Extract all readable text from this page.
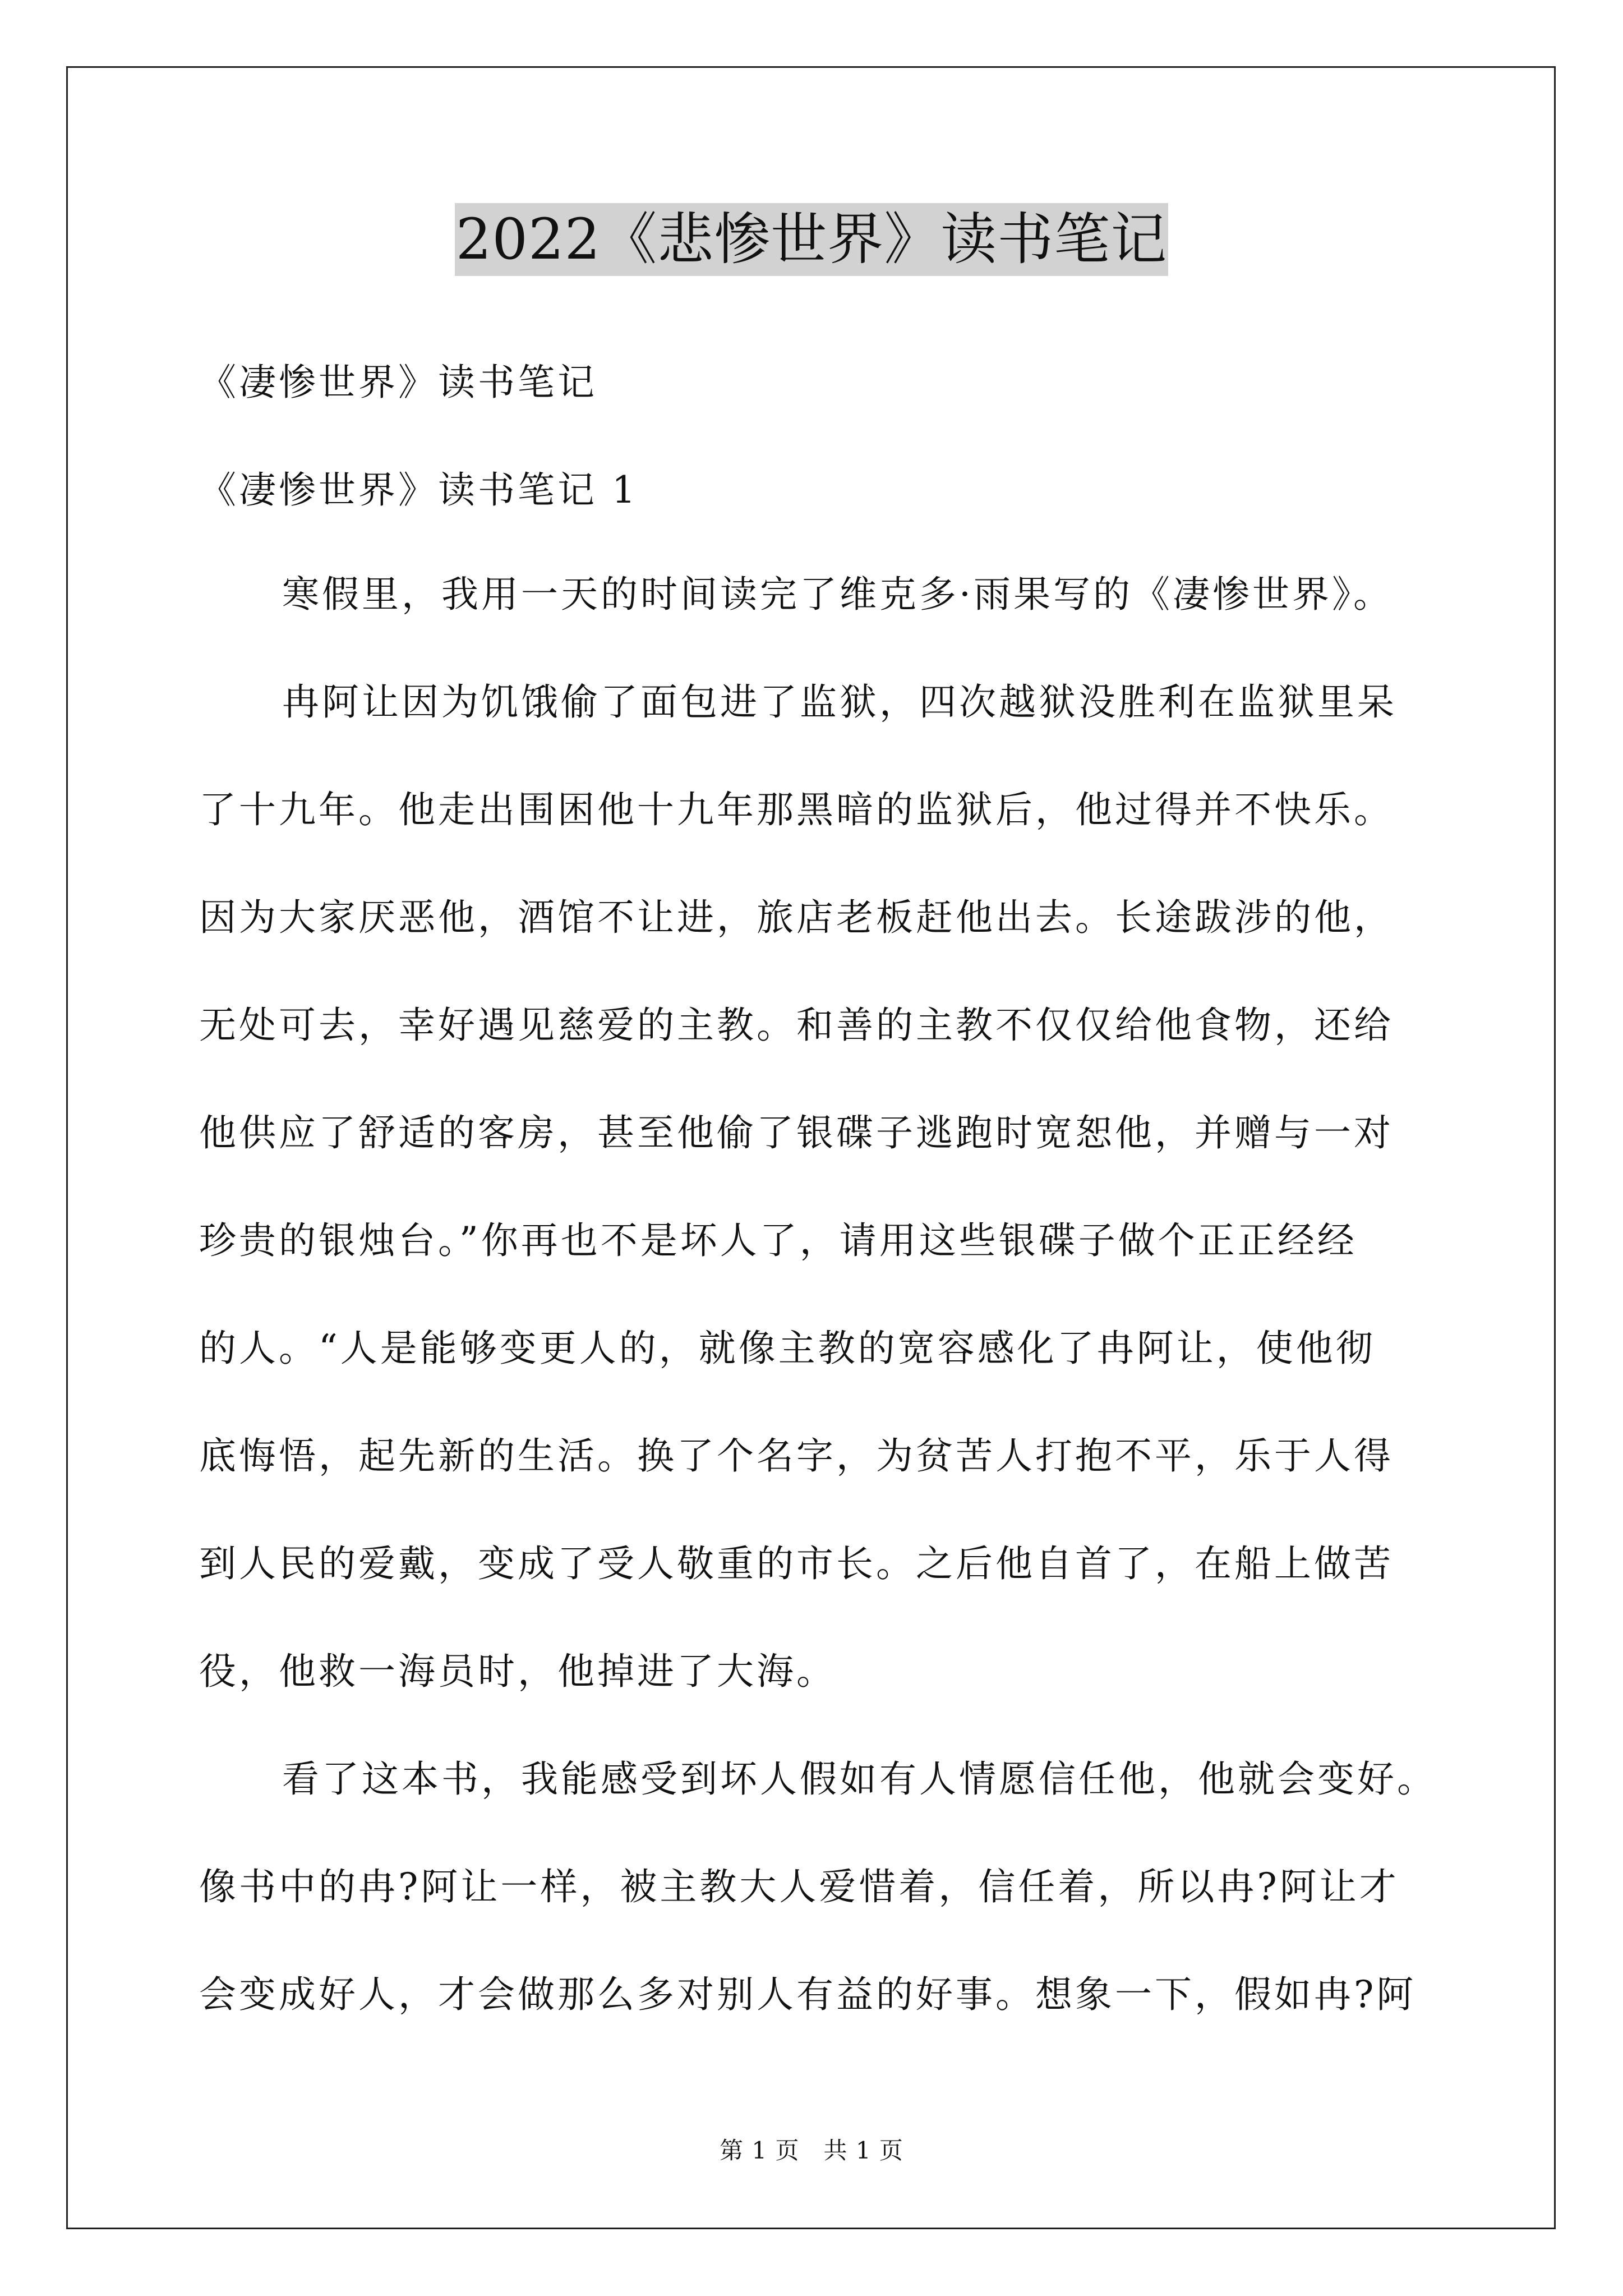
2022《悲惨世界》读书笔记
《凄惨世界》读书笔记
《凄惨世界》读书笔记 1
寒假里，我用一天的时间读完了维克多·雨果写的《凄惨世界》。
冉阿让因为饥饿偷了面包进了监狱，四次越狱没胜利在监狱里呆
了十九年。他走出围困他十九年那黑暗的监狱后，他过得并不快乐。
因为大家厌恶他，酒馆不让进，旅店老板赶他出去。长途跋涉的他，
无处可去，幸好遇见慈爱的主教。和善的主教不仅仅给他食物，还给
他供应了舒适的客房，甚至他偷了银碟子逃跑时宽恕他，并赠与一对
珍贵的银烛台。”你再也不是坏人了，请用这些银碟子做个正正经经
的人。“人是能够变更人的，就像主教的宽容感化了冉阿让，使他彻
底悔悟，起先新的生活。换了个名字，为贫苦人打抱不平，乐于人得
到人民的爱戴，变成了受人敬重的市长。之后他自首了，在船上做苦
役，他救一海员时，他掉进了大海。
看了这本书，我能感受到坏人假如有人情愿信任他，他就会变好。
像书中的冉?阿让一样，被主教大人爱惜着，信任着，所以冉?阿让才
会变成好人，才会做那么多对别人有益的好事。想象一下，假如冉?阿
第 1 页　共 1 页
